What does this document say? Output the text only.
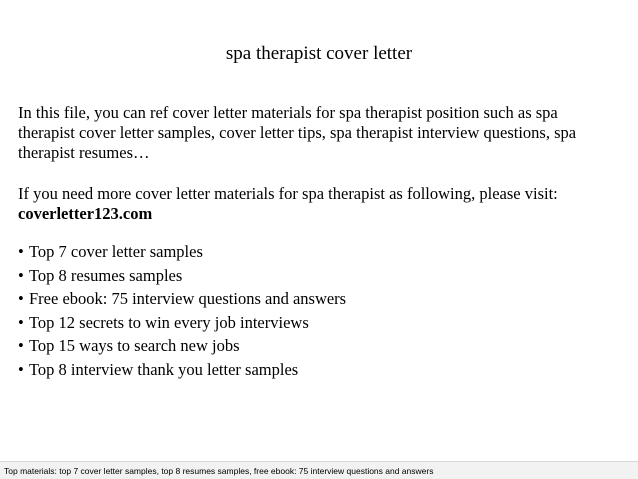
spa therapist cover letter
In this file, you can ref cover letter materials for spa therapist position such as spa therapist cover letter samples, cover letter tips, spa therapist interview questions, spa therapist resumes…
If you need more cover letter materials for spa therapist as following, please visit:
coverletter123.com
• Top 7 cover letter samples
• Top 8 resumes samples
• Free ebook: 75 interview questions and answers
• Top 12 secrets to win every job interviews
• Top 15 ways to search new jobs
• Top 8 interview thank you letter samples
Top materials: top 7 cover letter samples, top 8 resumes samples, free ebook: 75 interview questions and answers
